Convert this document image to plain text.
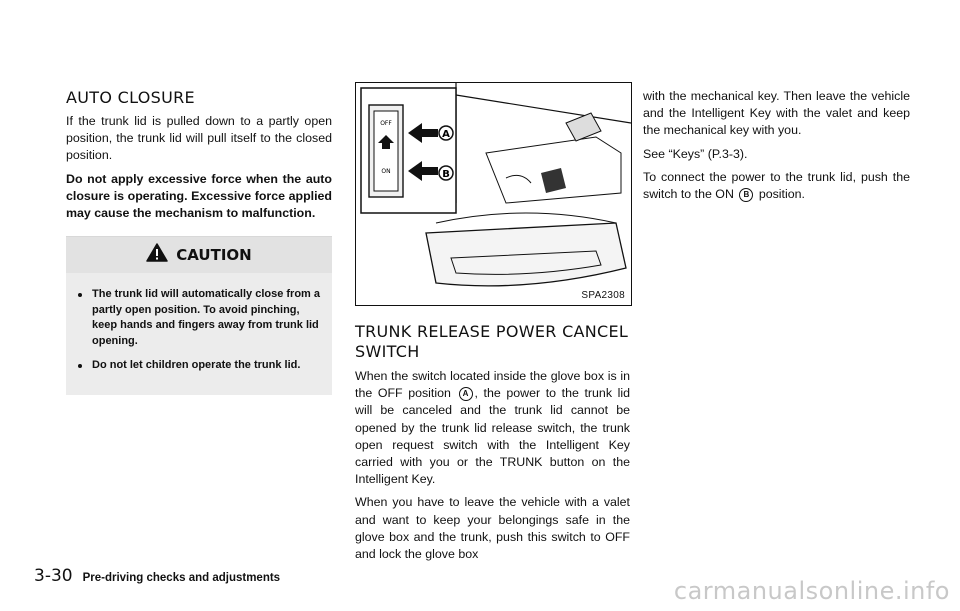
AUTO CLOSURE

If the trunk lid is pulled down to a partly open position, the trunk lid will pull itself to the closed position.

Do not apply excessive force when the auto closure is operating. Excessive force applied may cause the mechanism to malfunction.

CAUTION
The trunk lid will automatically close from a partly open position. To avoid pinching, keep hands and fingers away from trunk lid opening.
Do not let children operate the trunk lid.
OFF
ON
A
B
SPA2308
TRUNK RELEASE POWER CANCEL SWITCH

When the switch located inside the glove box is in the OFF position A , the power to the trunk lid will be canceled and the trunk lid cannot be opened by the trunk lid release switch, the trunk open request switch with the Intelligent Key carried with you or the TRUNK button on the Intelligent Key.

When you have to leave the vehicle with a valet and want to keep your belongings safe in the glove box and the trunk, push this switch to OFF and lock the glove box

with the mechanical key. Then leave the vehicle and the Intelligent Key with the valet and keep the mechanical key with you.

See “Keys” (P.3-3).

To connect the power to the trunk lid, push the switch to the ON B position.

3-30 Pre-driving checks and adjustments	carmanualsonline.info
